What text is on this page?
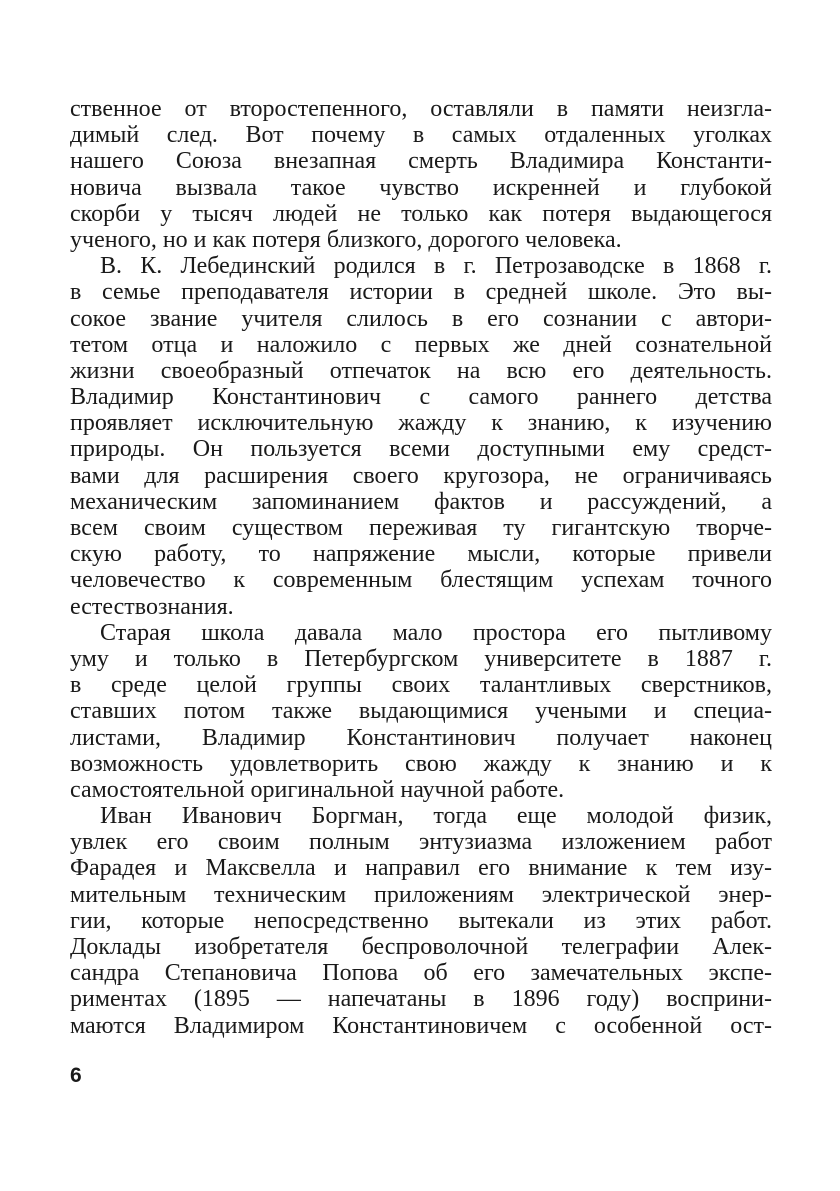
ственное от второстепенного, оставляли в памяти неизгла-
димый след. Вот почему в самых отдаленных уголках
нашего Союза внезапная смерть Владимира Константи-
новича вызвала такое чувство искренней и глубокой
скорби у тысяч людей не только как потеря выдающегося
ученого, но и как потеря близкого, дорогого человека.
В. К. Лебединский родился в г. Петрозаводске в 1868 г.
в семье преподавателя истории в средней школе. Это вы-
сокое звание учителя слилось в его сознании с автори-
тетом отца и наложило с первых же дней сознательной
жизни своеобразный отпечаток на всю его деятельность.
Владимир Константинович с самого раннего детства
проявляет исключительную жажду к знанию, к изучению
природы. Он пользуется всеми доступными ему средст-
вами для расширения своего кругозора, не ограничиваясь
механическим запоминанием фактов и рассуждений, а
всем своим существом переживая ту гигантскую творче-
скую работу, то напряжение мысли, которые привели
человечество к современным блестящим успехам точного
естествознания.
Старая школа давала мало простора его пытливому
уму и только в Петербургском университете в 1887 г.
в среде целой группы своих талантливых сверстников,
ставших потом также выдающимися учеными и специа-
листами, Владимир Константинович получает наконец
возможность удовлетворить свою жажду к знанию и к
самостоятельной оригинальной научной работе.
Иван Иванович Боргман, тогда еще молодой физик,
увлек его своим полным энтузиазма изложением работ
Фарадея и Максвелла и направил его внимание к тем изу-
мительным техническим приложениям электрической энер-
гии, которые непосредственно вытекали из этих работ.
Доклады изобретателя беспроволочной телеграфии Алек-
сандра Степановича Попова об его замечательных экспе-
риментах (1895 — напечатаны в 1896 году) восприни-
маются Владимиром Константиновичем с особенной ост-
6
